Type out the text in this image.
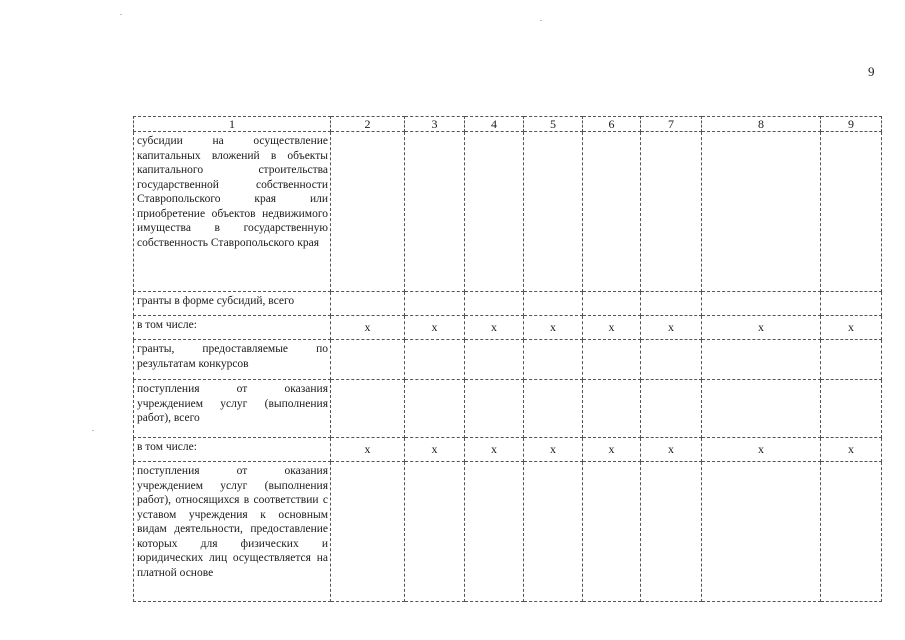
9
1	2	3	4	5	6	7	8	9
субсидии на осуществление капитальных вложений в объекты капитального строительства государственной собственности Ставропольского края или приобретение объектов недвижимого имущества в государственную собственность Ставропольского края								
гранты в форме субсидий, всего								
в том числе:	x	x	x	x	x	x	x	x
гранты, предоставляемые по результатам конкурсов								
поступления от оказания учреждением услуг (выполнения работ), всего								
в том числе:	x	x	x	x	x	x	x	x
поступления от оказания учреждением услуг (выполнения работ), относящихся в соответствии с уставом учреждения к основным видам деятельности, предоставление которых для физических и юридических лиц осуществляется на платной основе								
